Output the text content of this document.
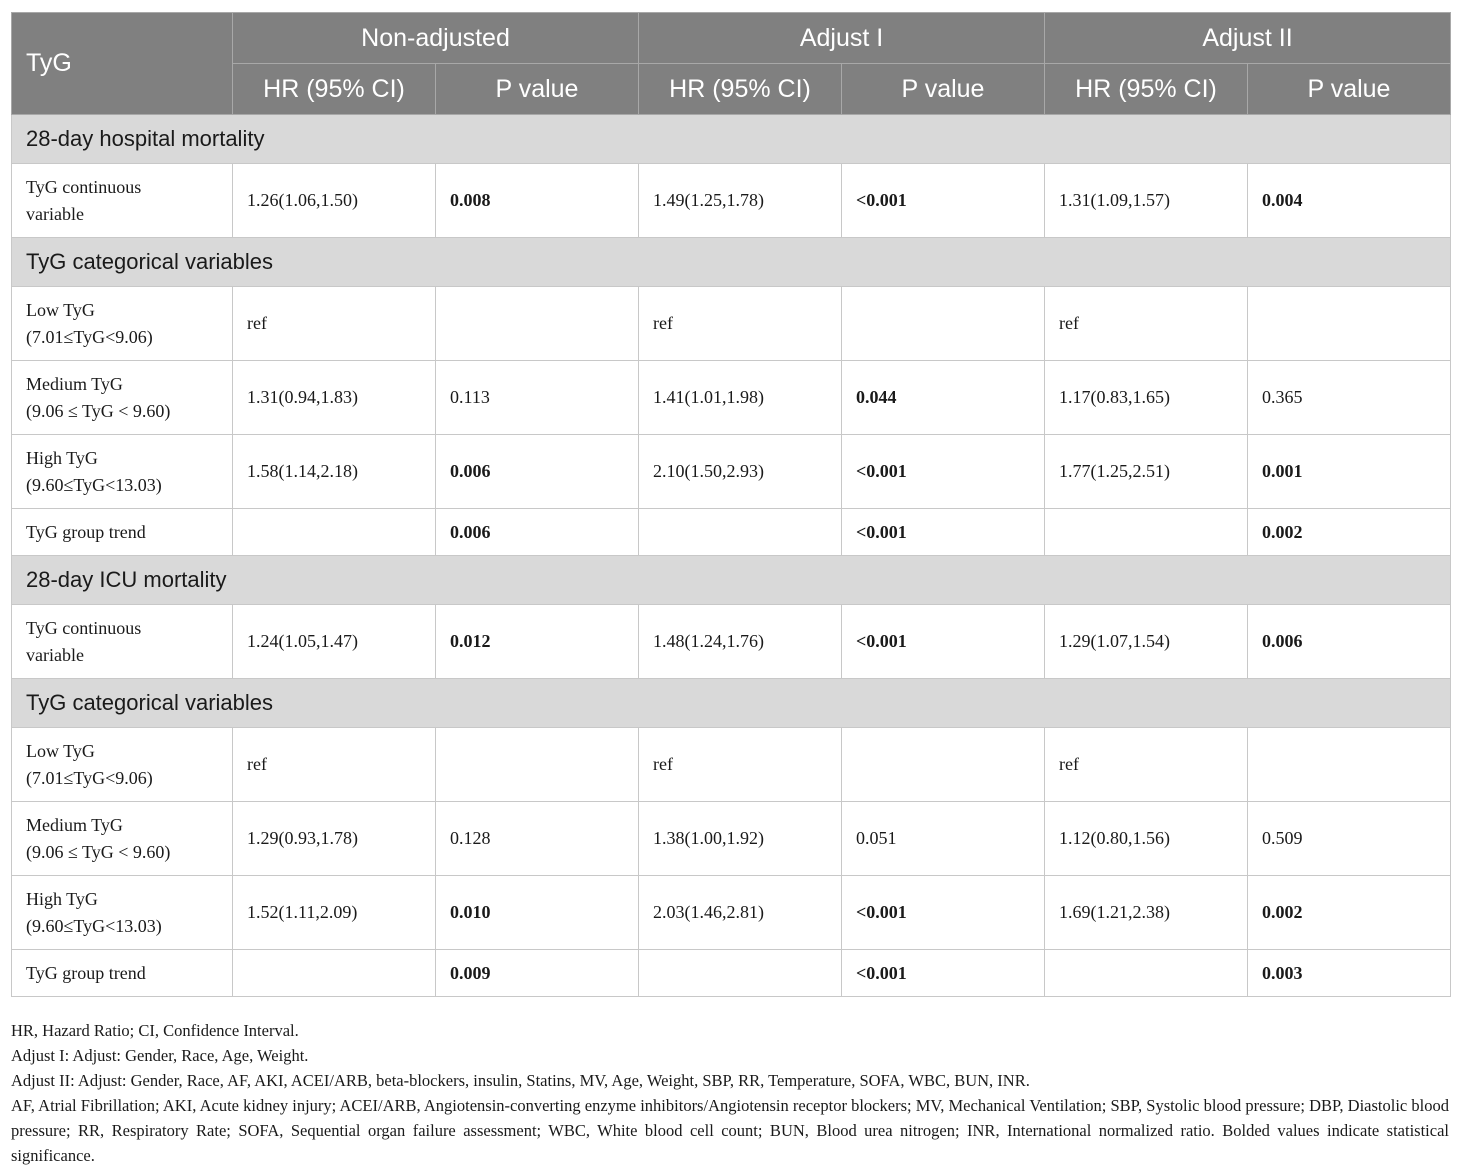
TyG	Non-adjusted		Adjust I		Adjust II	
	HR (95% CI)	P value	HR (95% CI)	P value	HR (95% CI)	P value
28-day hospital mortality						

TyG continuous
variable	1.26(1.06,1.50)	0.008	1.49(1.25,1.78)	<0.001	1.31(1.09,1.57)	0.004
TyG categorical variables						

Low TyG
(7.01≤TyG<9.06)	ref		ref		ref	

Medium TyG
(9.06 ≤ TyG < 9.60)	1.31(0.94,1.83)	0.113	1.41(1.01,1.98)	0.044	1.17(0.83,1.65)	0.365

High TyG
(9.60≤TyG<13.03)	1.58(1.14,2.18)	0.006	2.10(1.50,2.93)	<0.001	1.77(1.25,2.51)	0.001

TyG group trend		0.006		<0.001		0.002
28-day ICU mortality						

TyG continuous
variable	1.24(1.05,1.47)	0.012	1.48(1.24,1.76)	<0.001	1.29(1.07,1.54)	0.006
TyG categorical variables						

Low TyG
(7.01≤TyG<9.06)	ref		ref		ref	

Medium TyG
(9.06 ≤ TyG < 9.60)	1.29(0.93,1.78)	0.128	1.38(1.00,1.92)	0.051	1.12(0.80,1.56)	0.509

High TyG
(9.60≤TyG<13.03)	1.52(1.11,2.09)	0.010	2.03(1.46,2.81)	<0.001	1.69(1.21,2.38)	0.002

TyG group trend		0.009		<0.001		0.003

HR, Hazard Ratio; CI, Confidence Interval.

Adjust I: Adjust: Gender, Race, Age, Weight.

Adjust II: Adjust: Gender, Race, AF, AKI, ACEI/ARB, beta-blockers, insulin, Statins, MV, Age, Weight, SBP, RR, Temperature, SOFA, WBC, BUN, INR.

AF, Atrial Fibrillation; AKI, Acute kidney injury; ACEI/ARB, Angiotensin-converting enzyme inhibitors/Angiotensin receptor blockers; MV, Mechanical Ventilation; SBP, Systolic blood pressure; DBP, Diastolic blood pressure; RR, Respiratory Rate; SOFA, Sequential organ failure assessment; WBC, White blood cell count; BUN, Blood urea nitrogen; INR, International normalized ratio. Bolded values indicate statistical significance.
